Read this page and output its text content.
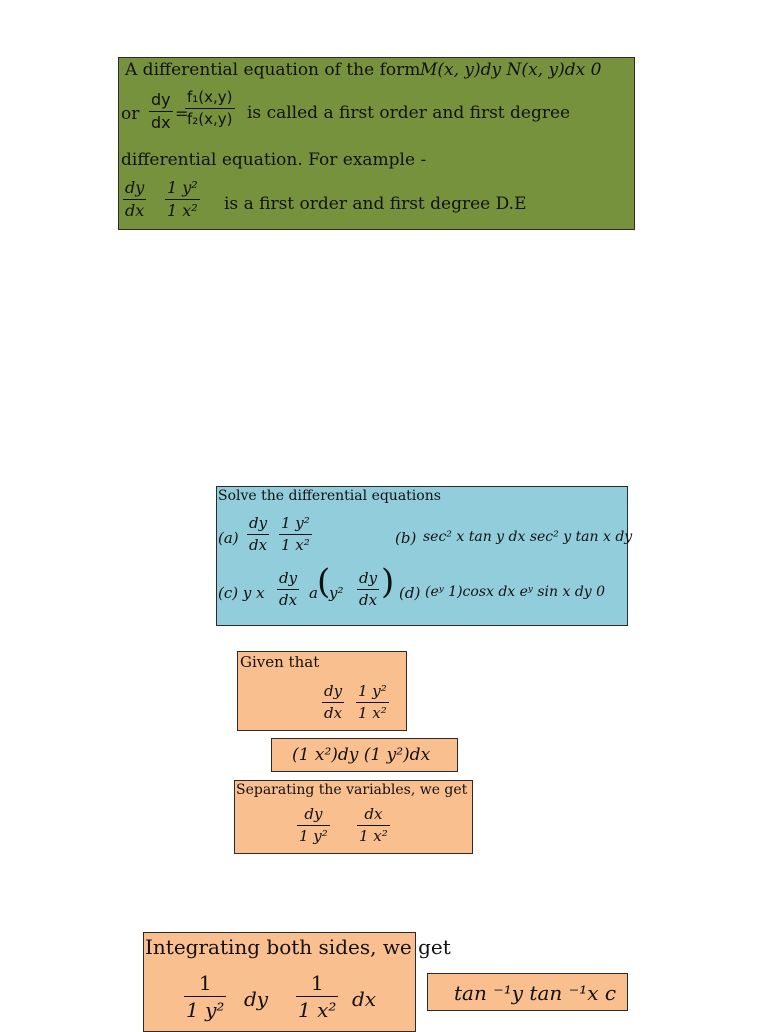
A differential equation of the form M(x, y)dy N(x, y)dx 0
or $\frac{dy}{dx}$ =
$\frac{\text{f₁(x,y)}}{\text{f₂(x,y)}}$ is called a first order and first degree
differential equation. For example -
$\frac{dy}{dx} \frac{\text{1 y²}}{\text{1 x²}}$ is a first order and first degree D.E
Solve the differential equations
$(a) \frac{dy}{dx} \frac{\text{1 y²}}{\text{1 x²}}$	(b) sec² x tan y dx sec² y tan x dy
(c) y x $\frac{dy}{dx}$ a (
$y^2 \frac{dy}{dx}$ ) (d) (eʸ 1)cosx dx eʸ sin x dy 0
Given that
$\frac{dy}{dx} \frac{\text{1 y²}}{\text{1 x²}}$
(1 x²)dy (1 y²)dx
Separating the variables, we get
$\frac{dy}{\text{1 y²}} \frac{dx}{\text{1 x²}}$
Integrating both sides, we get
$\frac{1}{\text{1 y²}}$ dy $\frac{1}{\text{1 x²}}$ dx	tan ⁻¹y tan ⁻¹x c
